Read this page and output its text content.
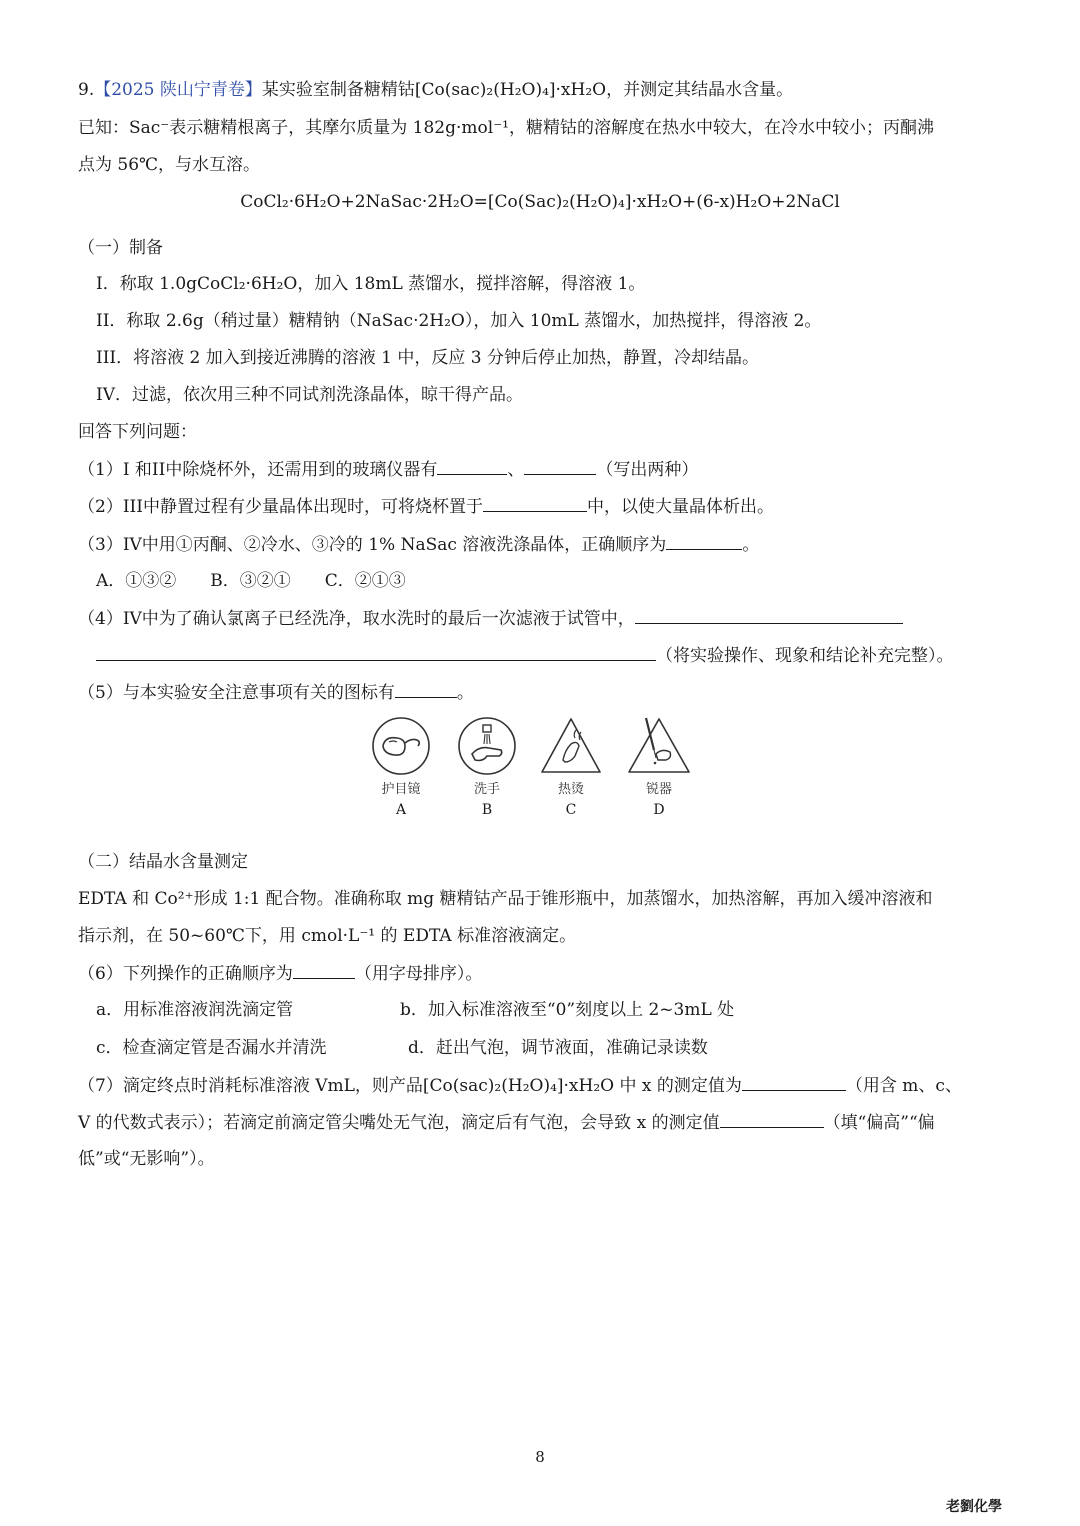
9.【2025 陕山宁青卷】某实验室制备糖精钴[Co(sac)₂(H₂O)₄]·xH₂O，并测定其结晶水含量。
已知：Sac⁻表示糖精根离子，其摩尔质量为 182g·mol⁻¹，糖精钴的溶解度在热水中较大，在冷水中较小；丙酮沸
点为 56℃，与水互溶。
CoCl₂·6H₂O+2NaSac·2H₂O=[Co(Sac)₂(H₂O)₄]·xH₂O+(6-x)H₂O+2NaCl
（一）制备
I．称取 1.0gCoCl₂·6H₂O，加入 18mL 蒸馏水，搅拌溶解，得溶液 1。
II．称取 2.6g（稍过量）糖精钠（NaSac·2H₂O），加入 10mL 蒸馏水，加热搅拌，得溶液 2。
III．将溶液 2 加入到接近沸腾的溶液 1 中，反应 3 分钟后停止加热，静置，冷却结晶。
IV．过滤，依次用三种不同试剂洗涤晶体，晾干得产品。
回答下列问题：
（1）I 和II中除烧杯外，还需用到的玻璃仪器有	、	（写出两种）
（2）III中静置过程有少量晶体出现时，可将烧杯置于	中，以使大量晶体析出。
（3）IV中用①丙酮、②冷水、③冷的 1% NaSac 溶液洗涤晶体，正确顺序为	。
A．①③②　　B．③②①　　C．②①③
（4）IV中为了确认氯离子已经洗净，取水洗时的最后一次滤液于试管中，
（将实验操作、现象和结论补充完整）。
（5）与本实验安全注意事项有关的图标有	。
护目镜
A
洗手
B
热烫
C
锐器
D
（二）结晶水含量测定
EDTA 和 Co²⁺形成 1:1 配合物。准确称取 mg 糖精钴产品于锥形瓶中，加蒸馏水，加热溶解，再加入缓冲溶液和
指示剂，在 50~60℃下，用 cmol·L⁻¹ 的 EDTA 标准溶液滴定。
（6）下列操作的正确顺序为	（用字母排序）。
a．用标准溶液润洗滴定管	b．加入标准溶液至“0”刻度以上 2~3mL 处
c．检查滴定管是否漏水并清洗	d．赶出气泡，调节液面，准确记录读数
（7）滴定终点时消耗标准溶液 VmL，则产品[Co(sac)₂(H₂O)₄]·xH₂O 中 x 的测定值为	（用含 m、c、
V 的代数式表示）；若滴定前滴定管尖嘴处无气泡，滴定后有气泡，会导致 x 的测定值	（填“偏高”“偏
低”或“无影响”）。
8
老劉化學
